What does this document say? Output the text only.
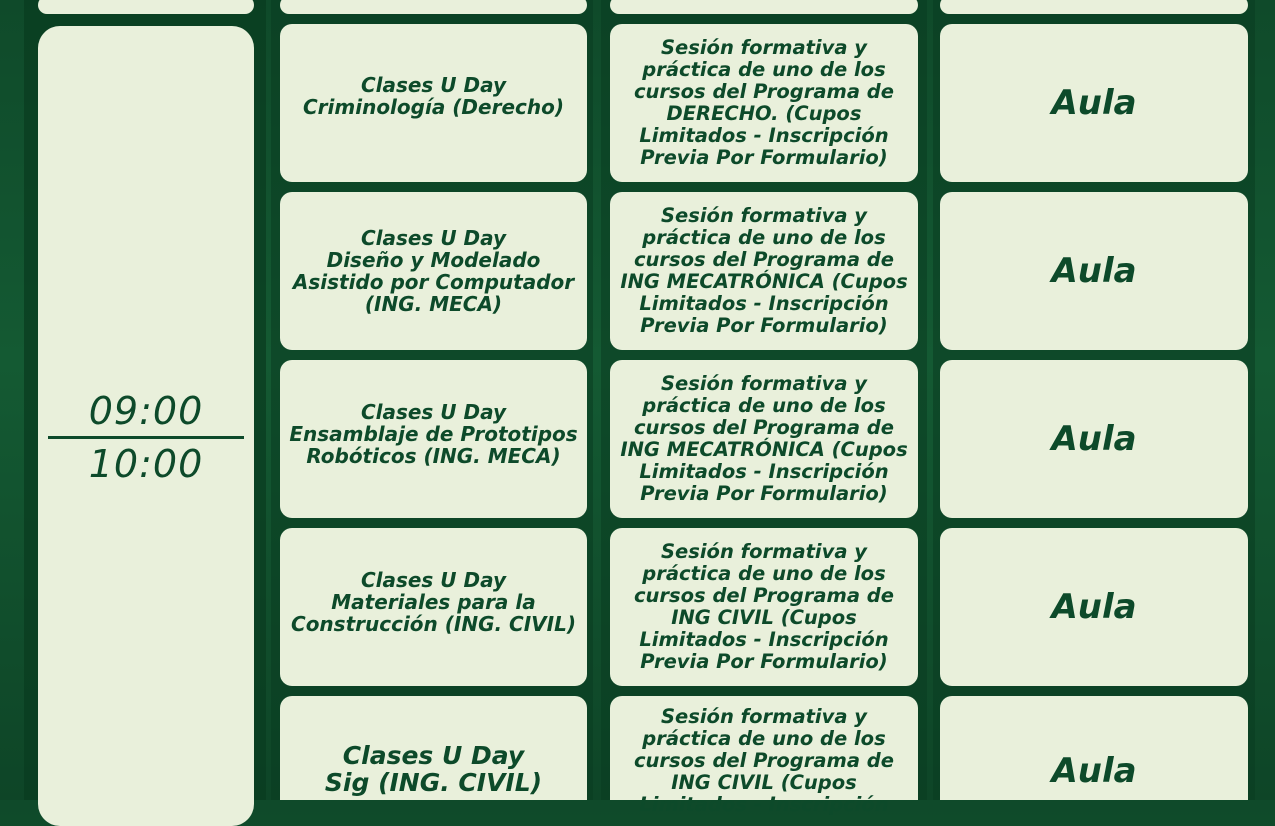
09:00
10:00
Clases U Day
Criminología (Derecho)
Sesión formativa y
práctica de uno de los
cursos del Programa de
DERECHO. (Cupos
Limitados - Inscripción
Previa Por Formulario)
Aula
Clases U Day
Diseño y Modelado
Asistido por Computador
(ING. MECA)
Sesión formativa y
práctica de uno de los
cursos del Programa de
ING MECATRÓNICA (Cupos
Limitados - Inscripción
Previa Por Formulario)
Aula
Clases U Day
Ensamblaje de Prototipos
Robóticos (ING. MECA)
Sesión formativa y
práctica de uno de los
cursos del Programa de
ING MECATRÓNICA (Cupos
Limitados - Inscripción
Previa Por Formulario)
Aula
Clases U Day
Materiales para la
Construcción (ING. CIVIL)
Sesión formativa y
práctica de uno de los
cursos del Programa de
ING CIVIL (Cupos
Limitados - Inscripción
Previa Por Formulario)
Aula
Clases U Day
Sig (ING. CIVIL)
Sesión formativa y
práctica de uno de los
cursos del Programa de
ING CIVIL (Cupos
Limitados - Inscripción
Aula
